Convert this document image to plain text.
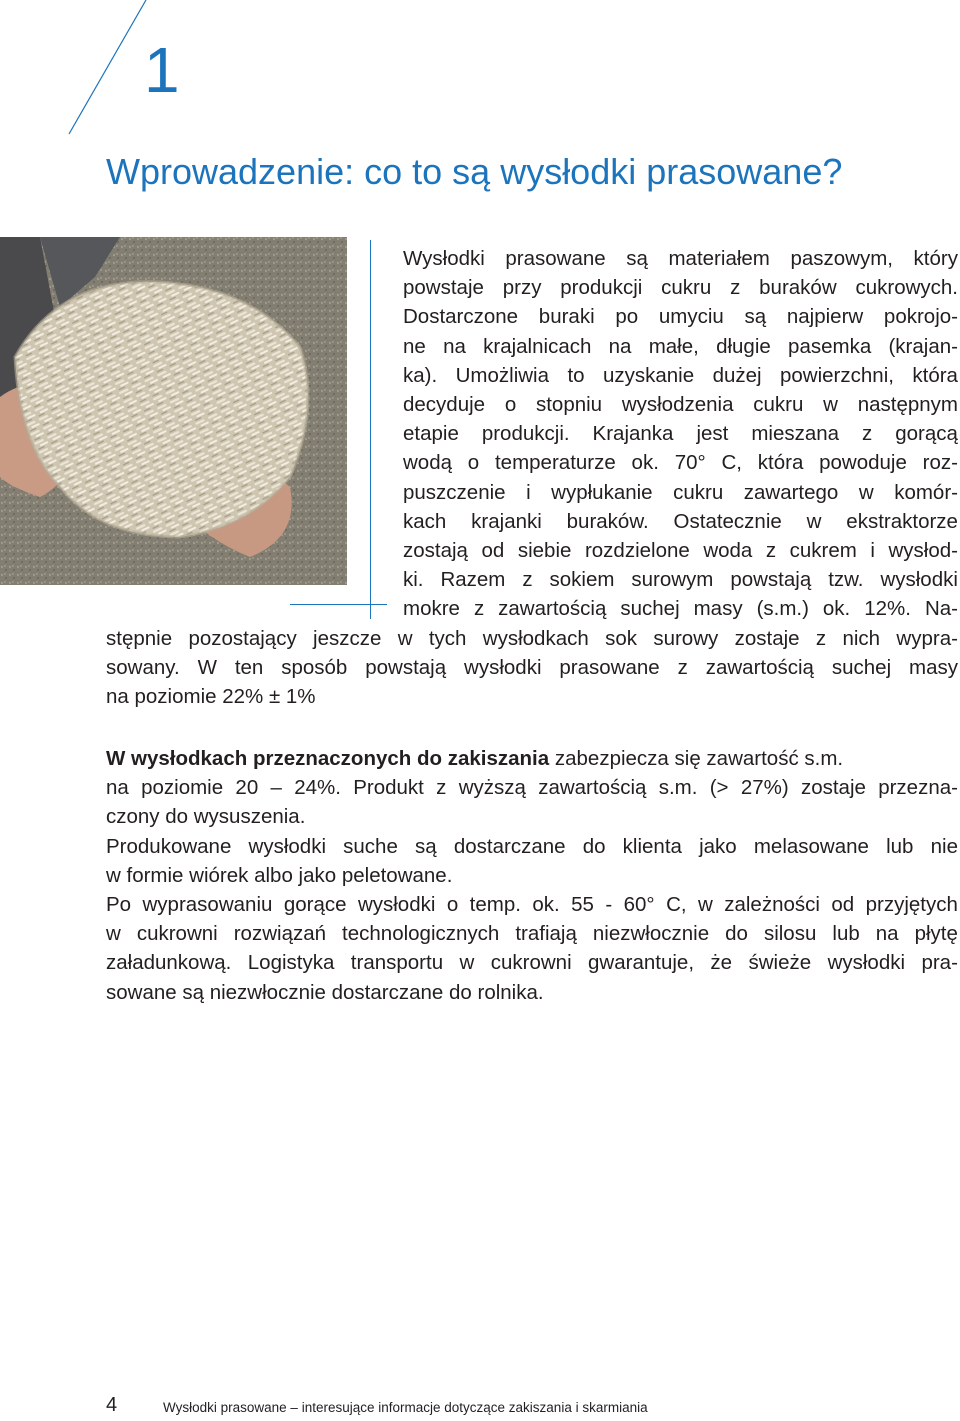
1
Wprowadzenie: co to są wysłodki prasowane?
Wysłodki prasowane są materiałem paszowym, który
powstaje przy produkcji cukru z buraków cukrowych.
Dostarczone buraki po umyciu są najpierw pokrojo-
ne na krajalnicach na małe, długie pasemka (krajan-
ka). Umożliwia to uzyskanie dużej powierzchni, która
decyduje o stopniu wysłodzenia cukru w następnym
etapie produkcji. Krajanka jest mieszana z gorącą
wodą o temperaturze ok. 70° C, która powoduje roz-
puszczenie i wypłukanie cukru zawartego w komór-
kach krajanki buraków. Ostatecznie w ekstraktorze
zostają od siebie rozdzielone woda z cukrem i wysłod-
ki. Razem z sokiem surowym powstają tzw. wysłodki
mokre z zawartością suchej masy (s.m.) ok. 12%. Na-
stępnie pozostający jeszcze w tych wysłodkach sok surowy zostaje z nich wypra-
sowany. W ten sposób powstają wysłodki prasowane z zawartością suchej masy
na poziomie 22% ± 1%
W wysłodkach przeznaczonych do zakiszania zabezpiecza się zawartość s.m.
na poziomie 20 – 24%. Produkt z wyższą zawartością s.m. (> 27%) zostaje przezna-
czony do wysuszenia.
Produkowane wysłodki suche są dostarczane do klienta jako melasowane lub nie
w formie wiórek albo jako peletowane.
Po wyprasowaniu gorące wysłodki o temp. ok. 55 - 60° C, w zależności od przyjętych
w cukrowni rozwiązań technologicznych trafiają niezwłocznie do silosu lub na płytę
załadunkową. Logistyka transportu w cukrowni gwarantuje, że świeże wysłodki pra-
sowane są niezwłocznie dostarczane do rolnika.
4	Wysłodki prasowane – interesujące informacje dotyczące zakiszania i skarmiania
